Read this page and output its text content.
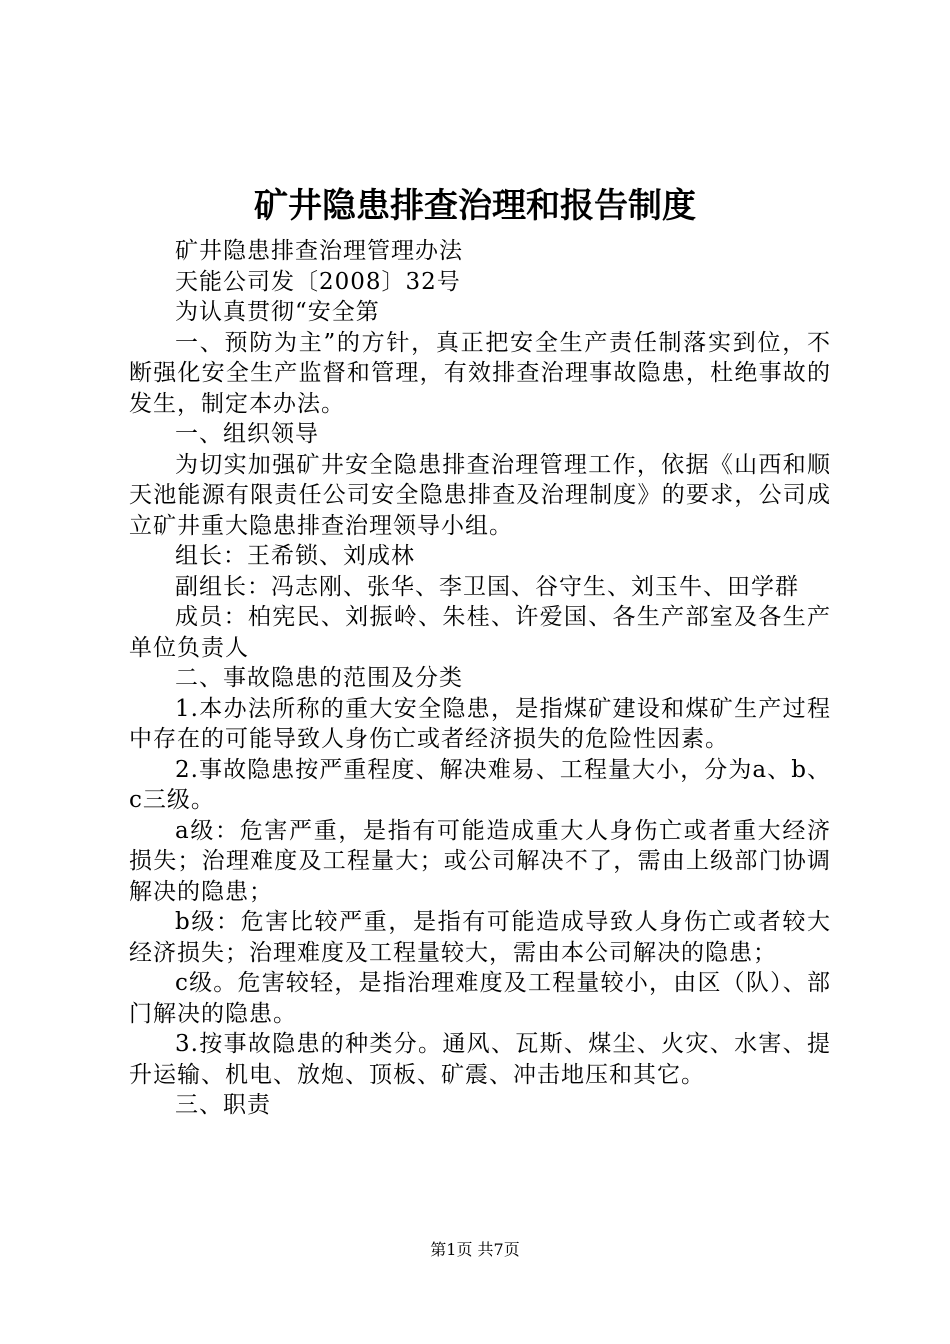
矿井隐患排查治理和报告制度

矿井隐患排查治理管理办法

天能公司发〔2008〕32号

为认真贯彻“安全第

一、预防为主”的方针，真正把安全生产责任制落实到位，不断强化安全生产监督和管理，有效排查治理事故隐患，杜绝事故的发生，制定本办法。

一、组织领导

为切实加强矿井安全隐患排查治理管理工作，依据《山西和顺天池能源有限责任公司安全隐患排查及治理制度》的要求，公司成立矿井重大隐患排查治理领导小组。

组长：王希锁、刘成林

副组长：冯志刚、张华、李卫国、谷守生、刘玉牛、田学群

成员：柏宪民、刘振岭、朱桂、许爱国、各生产部室及各生产单位负责人

二、事故隐患的范围及分类

1.本办法所称的重大安全隐患，是指煤矿建设和煤矿生产过程中存在的可能导致人身伤亡或者经济损失的危险性因素。

2.事故隐患按严重程度、解决难易、工程量大小，分为a、b、c三级。

a级：危害严重，是指有可能造成重大人身伤亡或者重大经济损失；治理难度及工程量大；或公司解决不了，需由上级部门协调解决的隐患；

b级：危害比较严重，是指有可能造成导致人身伤亡或者较大经济损失；治理难度及工程量较大，需由本公司解决的隐患；

c级。危害较轻，是指治理难度及工程量较小，由区（队）、部门解决的隐患。

3.按事故隐患的种类分。通风、瓦斯、煤尘、火灾、水害、提升运输、机电、放炮、顶板、矿震、冲击地压和其它。

三、职责

第1页 共7页
